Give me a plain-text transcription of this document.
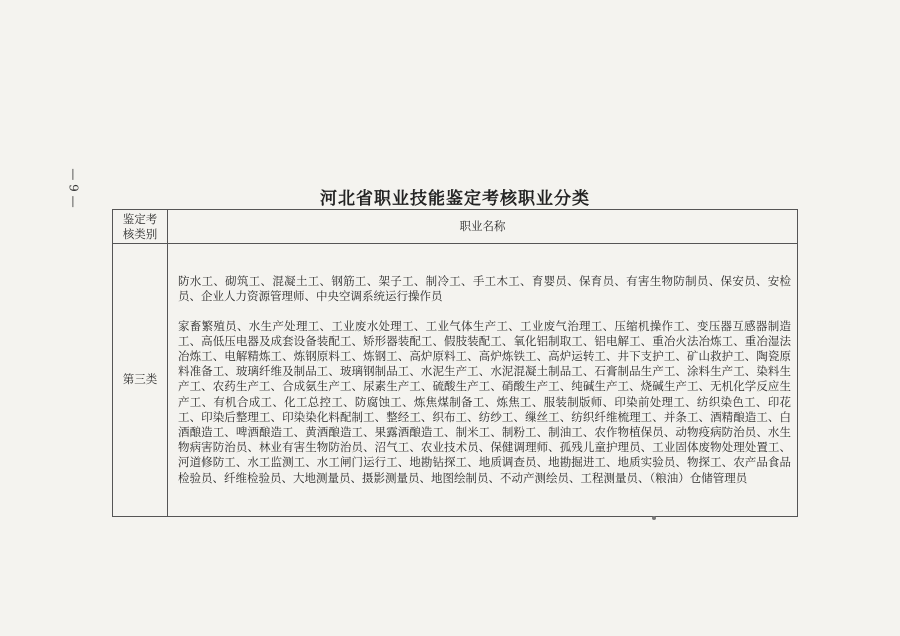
— 9 —	河北省职业技能鉴定考核职业分类
鉴定考
核类别	职业名称
第三类	防水工、砌筑工、混凝土工、钢筋工、架子工、制冷工、手工木工、育婴员、保育员、有害生物防制员、保安员、安检员、企业人力资源管理师、中央空调系统运行操作员

家畜繁殖员、水生产处理工、工业废水处理工、工业气体生产工、工业废气治理工、压缩机操作工、变压器互感器制造工、高低压电器及成套设备装配工、矫形器装配工、假肢装配工、氧化铝制取工、铝电解工、重冶火法冶炼工、重冶湿法冶炼工、电解精炼工、炼钢原料工、炼钢工、高炉原料工、高炉炼铁工、高炉运转工、井下支护工、矿山救护工、陶瓷原料准备工、玻璃纤维及制品工、玻璃钢制品工、水泥生产工、水泥混凝土制品工、石膏制品生产工、涂料生产工、染料生产工、农药生产工、合成氨生产工、尿素生产工、硫酸生产工、硝酸生产工、纯碱生产工、烧碱生产工、无机化学反应生产工、有机合成工、化工总控工、防腐蚀工、炼焦煤制备工、炼焦工、服装制版师、印染前处理工、纺织染色工、印花工、印染后整理工、印染染化料配制工、整经工、织布工、纺纱工、缫丝工、纺织纤维梳理工、并条工、酒精酿造工、白酒酿造工、啤酒酿造工、黄酒酿造工、果露酒酿造工、制米工、制粉工、制油工、农作物植保员、动物疫病防治员、水生物病害防治员、林业有害生物防治员、沼气工、农业技术员、保健调理师、孤残儿童护理员、工业固体废物处理处置工、河道修防工、水工监测工、水工闸门运行工、地勘钻探工、地质调查员、地勘掘进工、地质实验员、物探工、农产品食品检验员、纤维检验员、大地测量员、摄影测量员、地图绘制员、不动产测绘员、工程测量员、（粮油）仓储管理员
